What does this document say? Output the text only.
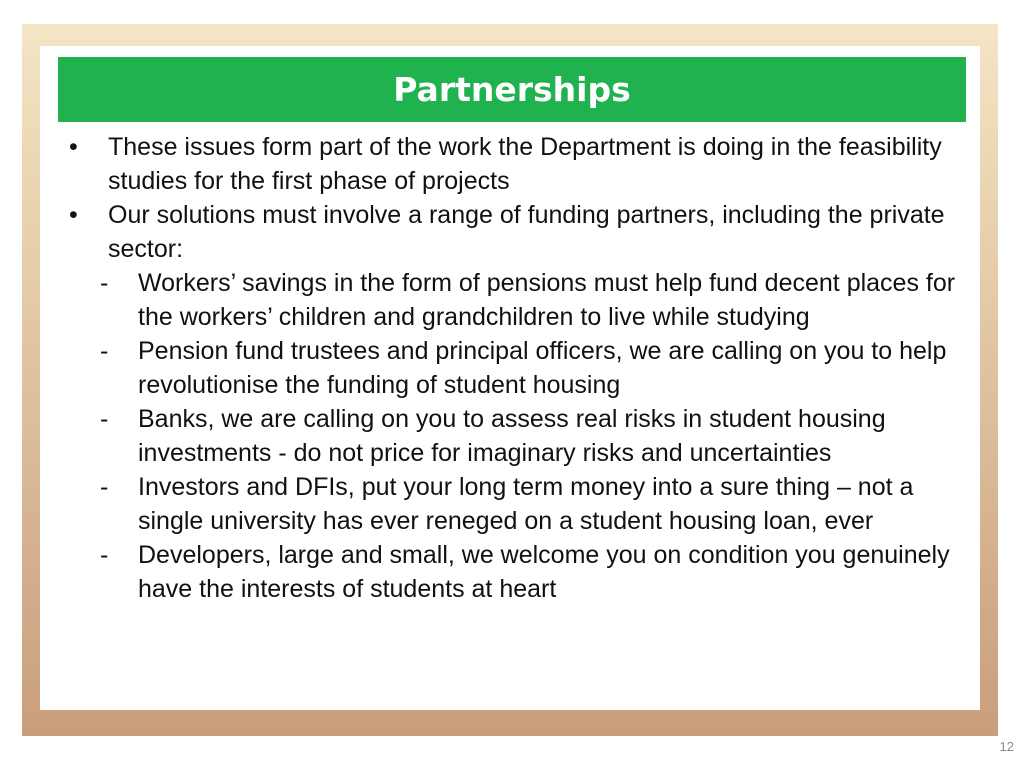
Partnerships

• These issues form part of the work the Department is doing in the feasibility studies for the first phase of projects

• Our solutions must involve a range of funding partners, including the private sector:

- Workers’ savings in the form of pensions must help fund decent places for the workers’ children and grandchildren to live while studying

- Pension fund trustees and principal officers, we are calling on you to help revolutionise the funding of student housing

- Banks, we are calling on you to assess real risks in student housing investments - do not price for imaginary risks and uncertainties

- Investors and DFIs, put your long term money into a sure thing – not a single university has ever reneged on a student housing loan, ever

- Developers, large and small, we welcome you on condition you genuinely have the interests of students at heart

12
